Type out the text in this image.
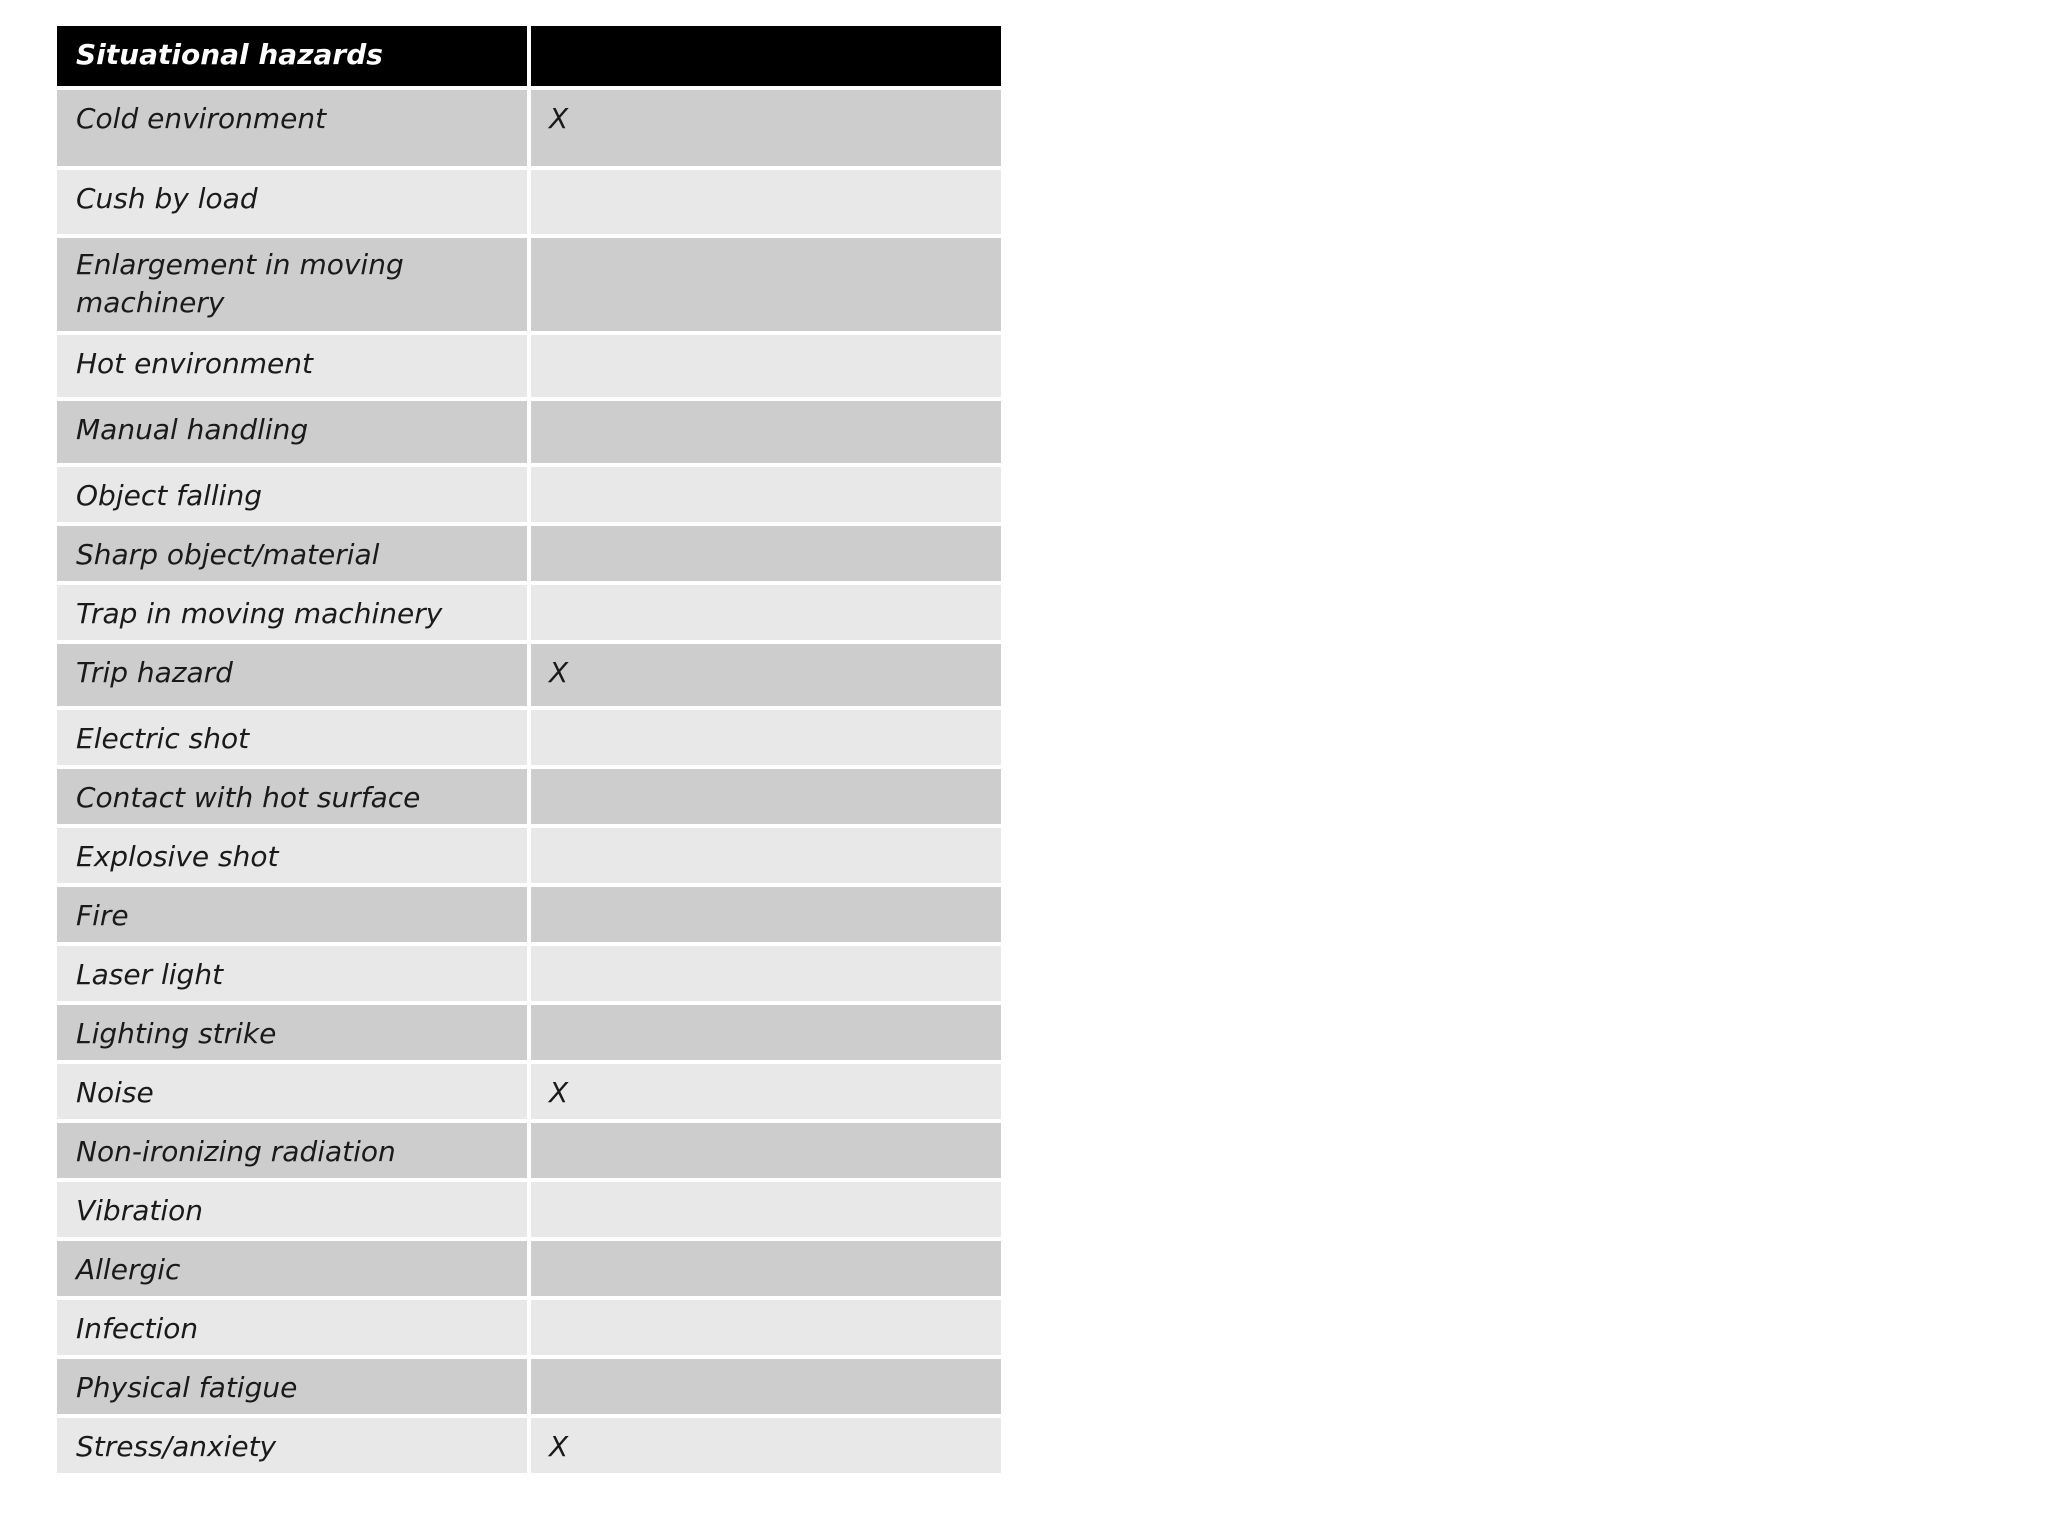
Situational hazards
Cold environment	X
Cush by load
Enlargement in moving machinery
Hot environment
Manual handling
Object falling
Sharp object/material
Trap in moving machinery
Trip hazard	X
Electric shot
Contact with hot surface
Explosive shot
Fire
Laser light
Lighting strike
Noise	X
Non-ironizing radiation
Vibration
Allergic
Infection
Physical fatigue
Stress/anxiety	X
